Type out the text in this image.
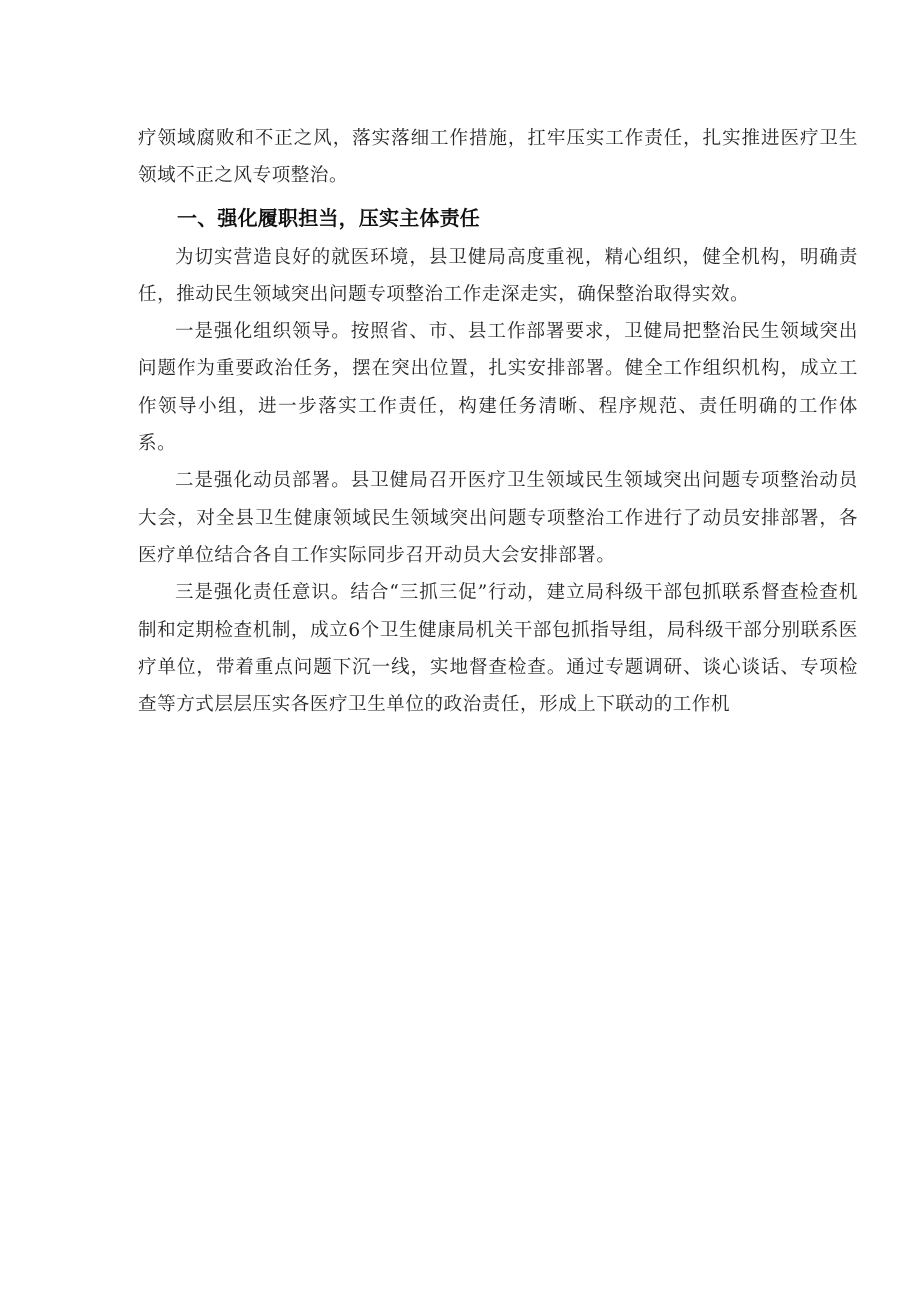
疗领域腐败和不正之风，落实落细工作措施，扛牢压实工作责任，扎实推进医疗卫生领域不正之风专项整治。

一、强化履职担当，压实主体责任

为切实营造良好的就医环境，县卫健局高度重视，精心组织，健全机构，明确责任，推动民生领域突出问题专项整治工作走深走实，确保整治取得实效。

一是强化组织领导。按照省、市、县工作部署要求，卫健局把整治民生领域突出问题作为重要政治任务，摆在突出位置，扎实安排部署。健全工作组织机构，成立工作领导小组，进一步落实工作责任，构建任务清晰、程序规范、责任明确的工作体系。

二是强化动员部署。县卫健局召开医疗卫生领域民生领域突出问题专项整治动员大会，对全县卫生健康领域民生领域突出问题专项整治工作进行了动员安排部署，各医疗单位结合各自工作实际同步召开动员大会安排部署。

三是强化责任意识。结合“三抓三促”行动，建立局科级干部包抓联系督查检查机制和定期检查机制，成立6个卫生健康局机关干部包抓指导组，局科级干部分别联系医疗单位，带着重点问题下沉一线，实地督查检查。通过专题调研、谈心谈话、专项检查等方式层层压实各医疗卫生单位的政治责任，形成上下联动的工作机
